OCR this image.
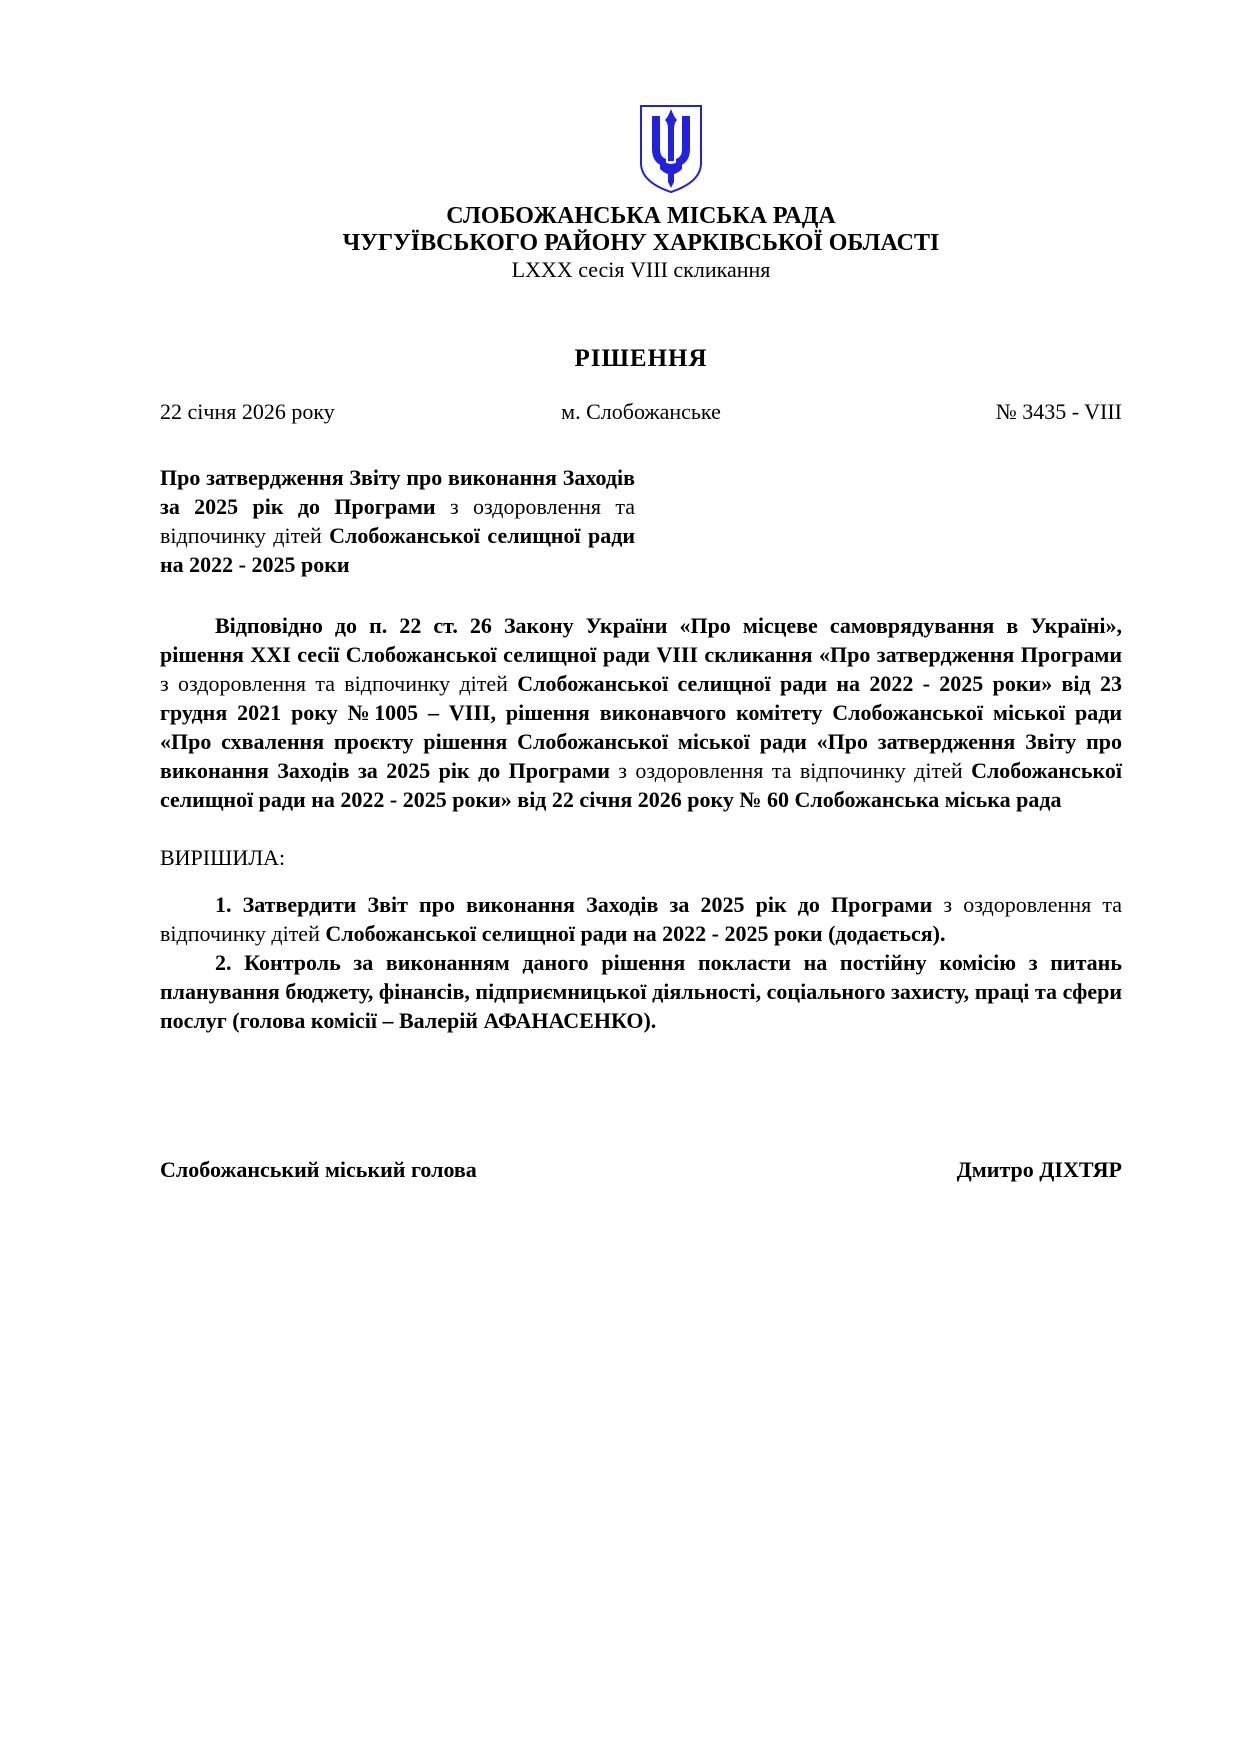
СЛОБОЖАНСЬКА МІСЬКА РАДА
ЧУГУЇВСЬКОГО РАЙОНУ ХАРКІВСЬКОЇ ОБЛАСТІ
LXXX сесія VIII скликання
РІШЕННЯ
22 січня 2026 року	м. Слобожанське	№ 3435 - VIII
Про затвердження Звіту про виконання Заходів за 2025 рік до Програми з оздоровлення та відпочинку дітей Слобожанської селищної ради на 2022 - 2025 роки
Відповідно до п. 22 ст. 26 Закону України «Про місцеве самоврядування в Україні», рішення XXI сесії Слобожанської селищної ради VIII скликання «Про затвердження Програми з оздоровлення та відпочинку дітей Слобожанської селищної ради на 2022 - 2025 роки» від 23 грудня 2021 року №1005 – VIII, рішення виконавчого комітету Слобожанської міської ради «Про схвалення проєкту рішення Слобожанської міської ради «Про затвердження Звіту про виконання Заходів за 2025 рік до Програми з оздоровлення та відпочинку дітей Слобожанської селищної ради на 2022 - 2025 роки» від 22 січня 2026 року № 60 Слобожанська міська рада
ВИРІШИЛА:

1. Затвердити Звіт про виконання Заходів за 2025 рік до Програми з оздоровлення та відпочинку дітей Слобожанської селищної ради на 2022 - 2025 роки (додається).

2. Контроль за виконанням даного рішення покласти на постійну комісію з питань планування бюджету, фінансів, підприємницької діяльності, соціального захисту, праці та сфери послуг (голова комісії – Валерій АФАНАСЕНКО).

Слобожанський міський голова	Дмитро ДІХТЯР
